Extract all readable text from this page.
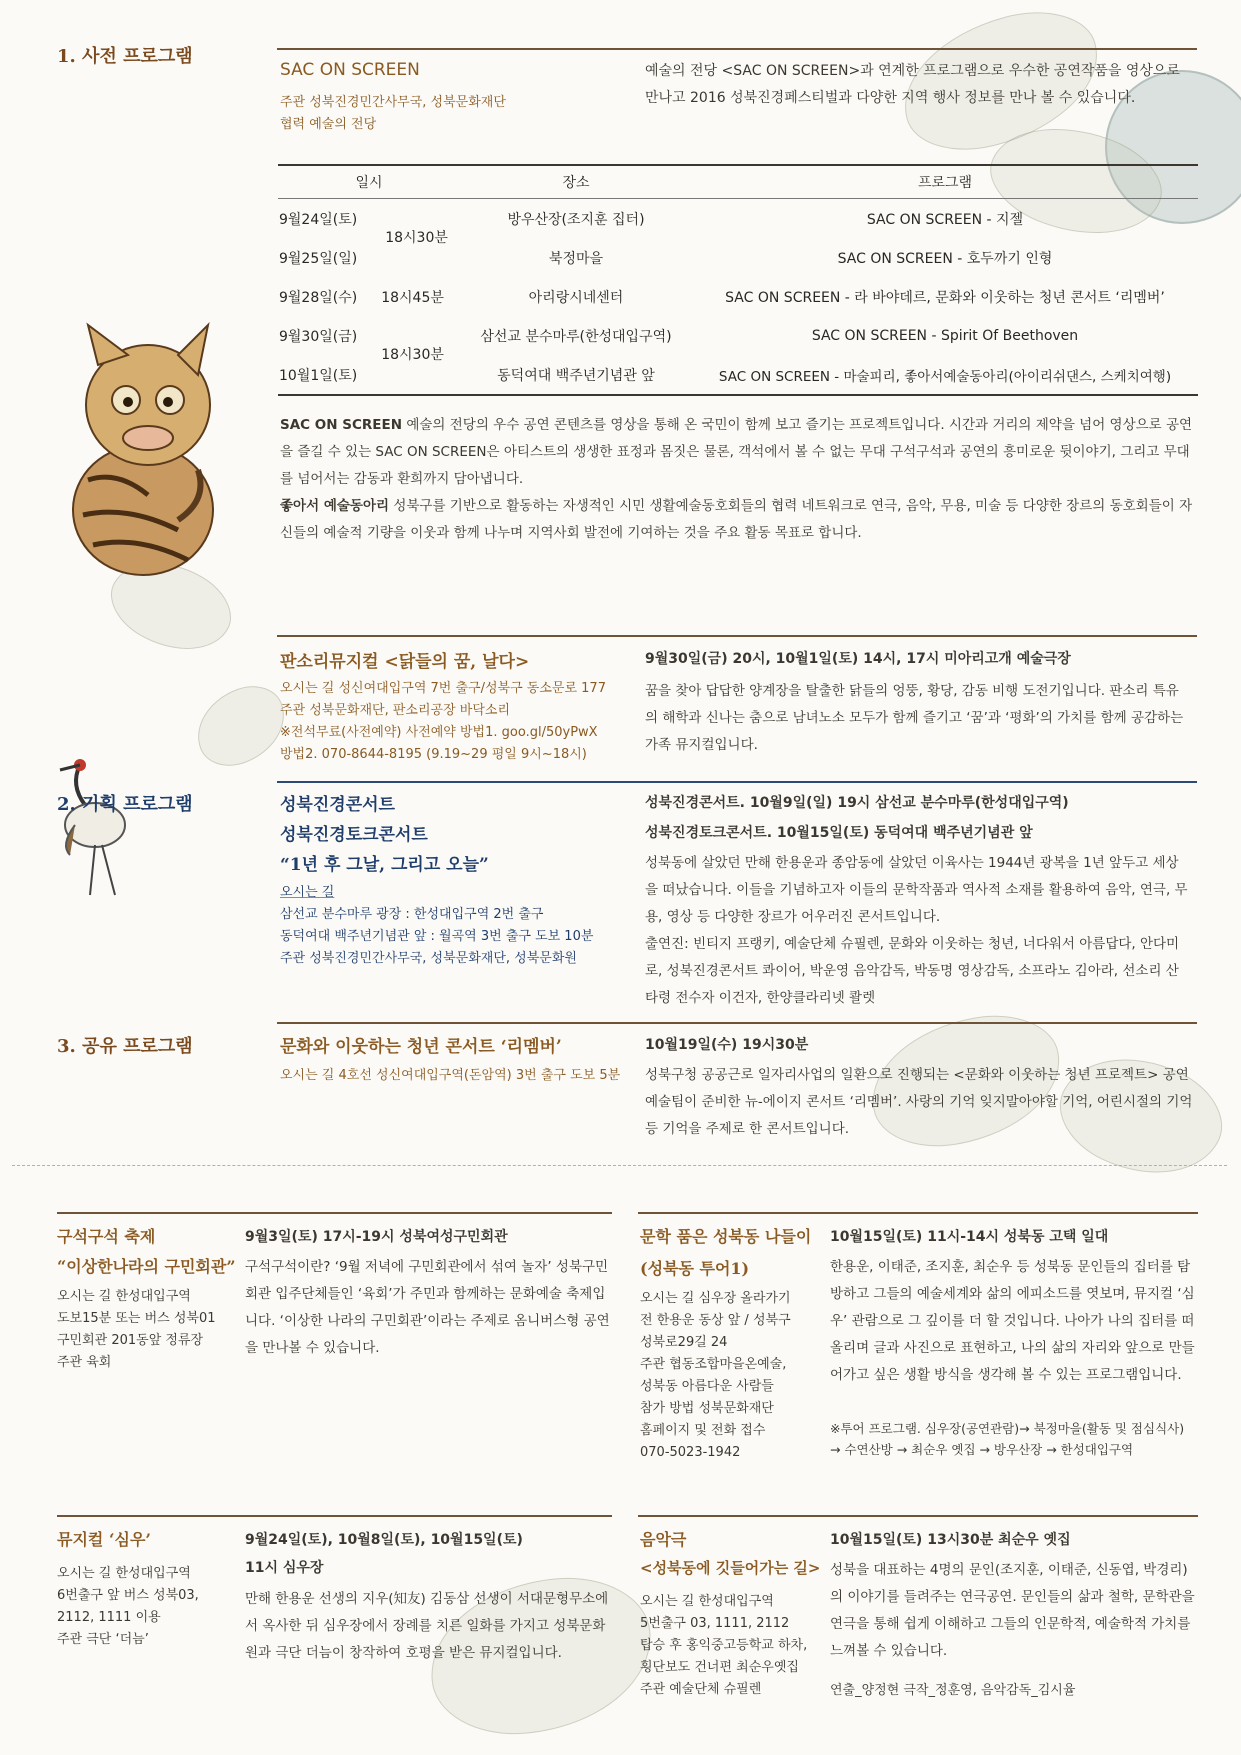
1. 사전 프로그램
SAC ON SCREEN
주관 성북진경민간사무국, 성북문화재단
협력 예술의 전당
예술의 전당 <SAC ON SCREEN>과 연계한 프로그램으로 우수한 공연작품을 영상으로 만나고 2016 성북진경페스티벌과 다양한 지역 행사 정보를 만나 볼 수 있습니다.
일시	장소	프로그램
9월24일(토)18시30분	방우산장(조지훈 집터)	SAC ON SCREEN - 지젤
9월25일(일)	북정마을	SAC ON SCREEN - 호두까기 인형
9월28일(수) 18시45분	아리랑시네센터	SAC ON SCREEN - 라 바야데르, 문화와 이웃하는 청년 콘서트 ‘리멤버’
9월30일(금)18시30분	삼선교 분수마루(한성대입구역)	SAC ON SCREEN - Spirit Of Beethoven
10월1일(토)	동덕여대 백주년기념관 앞	SAC ON SCREEN - 마술피리, 좋아서예술동아리(아이리쉬댄스, 스케치여행)
SAC ON SCREEN 예술의 전당의 우수 공연 콘텐츠를 영상을 통해 온 국민이 함께 보고 즐기는 프로젝트입니다. 시간과 거리의 제약을 넘어 영상으로 공연을 즐길 수 있는 SAC ON SCREEN은 아티스트의 생생한 표정과 몸짓은 물론, 객석에서 볼 수 없는 무대 구석구석과 공연의 흥미로운 뒷이야기, 그리고 무대를 넘어서는 감동과 환희까지 담아냅니다.
좋아서 예술동아리 성북구를 기반으로 활동하는 자생적인 시민 생활예술동호회들의 협력 네트워크로 연극, 음악, 무용, 미술 등 다양한 장르의 동호회들이 자신들의 예술적 기량을 이웃과 함께 나누며 지역사회 발전에 기여하는 것을 주요 활동 목표로 합니다.
판소리뮤지컬 <닭들의 꿈, 날다>
오시는 길 성신여대입구역 7번 출구/성북구 동소문로 177
주관 성북문화재단, 판소리공장 바닥소리
※전석무료(사전예약) 사전예약 방법1. goo.gl/50yPwX
방법2. 070-8644-8195 (9.19~29 평일 9시~18시)
9월30일(금) 20시, 10월1일(토) 14시, 17시 미아리고개 예술극장
꿈을 찾아 답답한 양계장을 탈출한 닭들의 엉뚱, 황당, 감동 비행 도전기입니다. 판소리 특유의 해학과 신나는 춤으로 남녀노소 모두가 함께 즐기고 ‘꿈’과 ‘평화’의 가치를 함께 공감하는 가족 뮤지컬입니다.
2. 기획 프로그램	성북진경콘서트
성북진경토크콘서트
“1년 후 그날, 그리고 오늘”
오시는 길
삼선교 분수마루 광장 : 한성대입구역 2번 출구
동덕여대 백주년기념관 앞 : 월곡역 3번 출구 도보 10분
주관 성북진경민간사무국, 성북문화재단, 성북문화원
성북진경콘서트. 10월9일(일) 19시 삼선교 분수마루(한성대입구역)
성북진경토크콘서트. 10월15일(토) 동덕여대 백주년기념관 앞
성북동에 살았던 만해 한용운과 종암동에 살았던 이육사는 1944년 광복을 1년 앞두고 세상을 떠났습니다. 이들을 기념하고자 이들의 문학작품과 역사적 소재를 활용하여 음악, 연극, 무용, 영상 등 다양한 장르가 어우러진 콘서트입니다.
출연진: 빈티지 프랭키, 예술단체 슈필렌, 문화와 이웃하는 청년, 너다워서 아름답다, 안다미로, 성북진경콘서트 콰이어, 박운영 음악감독, 박동명 영상감독, 소프라노 김아라, 선소리 산타령 전수자 이건자, 한양클라리넷 콸렛
3. 공유 프로그램	문화와 이웃하는 청년 콘서트 ‘리멤버’
오시는 길 4호선 성신여대입구역(돈암역) 3번 출구 도보 5분
10월19일(수) 19시30분
성북구청 공공근로 일자리사업의 일환으로 진행되는 <문화와 이웃하는 청년 프로젝트> 공연예술팀이 준비한 뉴-에이지 콘서트 ‘리멤버’. 사랑의 기억 잊지말아야할 기억, 어린시절의 기억 등 기억을 주제로 한 콘서트입니다.
구석구석 축제
“이상한나라의 구민회관”
오시는 길 한성대입구역
도보15분 또는 버스 성북01
구민회관 201동앞 정류장
주관 육회
9월3일(토) 17시-19시 성북여성구민회관
구석구석이란? ‘9월 저녁에 구민회관에서 섞여 놀자’ 성북구민회관 입주단체들인 ‘육회’가 주민과 함께하는 문화예술 축제입니다. ‘이상한 나라의 구민회관’이라는 주제로 옴니버스형 공연을 만나볼 수 있습니다.
문학 품은 성북동 나들이
(성북동 투어1)
10월15일(토) 11시-14시 성북동 고택 일대
오시는 길 심우장 올라가기
전 한용운 동상 앞 / 성북구
성북로29길 24
주관 협동조합마을온예술,
성북동 아름다운 사람들
참가 방법 성북문화재단
홈페이지 및 전화 접수
070-5023-1942
한용운, 이태준, 조지훈, 최순우 등 성북동 문인들의 집터를 탐방하고 그들의 예술세계와 삶의 에피소드를 엿보며, 뮤지컬 ‘심우’ 관람으로 그 깊이를 더 할 것입니다. 나아가 나의 집터를 떠올리며 글과 사진으로 표현하고, 나의 삶의 자리와 앞으로 만들어가고 싶은 생활 방식을 생각해 볼 수 있는 프로그램입니다.
※투어 프로그램. 심우장(공연관람)→ 북정마을(활동 및 점심식사) → 수연산방 → 최순우 옛집 → 방우산장 → 한성대입구역
뮤지컬 ‘심우’
오시는 길 한성대입구역
6번출구 앞 버스 성북03,
2112, 1111 이용
주관 극단 ‘더늠’
9월24일(토), 10월8일(토), 10월15일(토)
11시 심우장
만해 한용운 선생의 지우(知友) 김동삼 선생이 서대문형무소에서 옥사한 뒤 심우장에서 장례를 치른 일화를 가지고 성북문화원과 극단 더늠이 창작하여 호평을 받은 뮤지컬입니다.
음악극
<성북동에 깃들어가는 길>
10월15일(토) 13시30분 최순우 옛집
오시는 길 한성대입구역
5번출구 03, 1111, 2112
탑승 후 홍익중고등학교 하차,
횡단보도 건너편 최순우옛집
주관 예술단체 슈필렌
성북을 대표하는 4명의 문인(조지훈, 이태준, 신동엽, 박경리)의 이야기를 들려주는 연극공연. 문인들의 삶과 철학, 문학관을 연극을 통해 쉽게 이해하고 그들의 인문학적, 예술학적 가치를 느껴볼 수 있습니다.
연출_양정현 극작_정훈영, 음악감독_김시율
